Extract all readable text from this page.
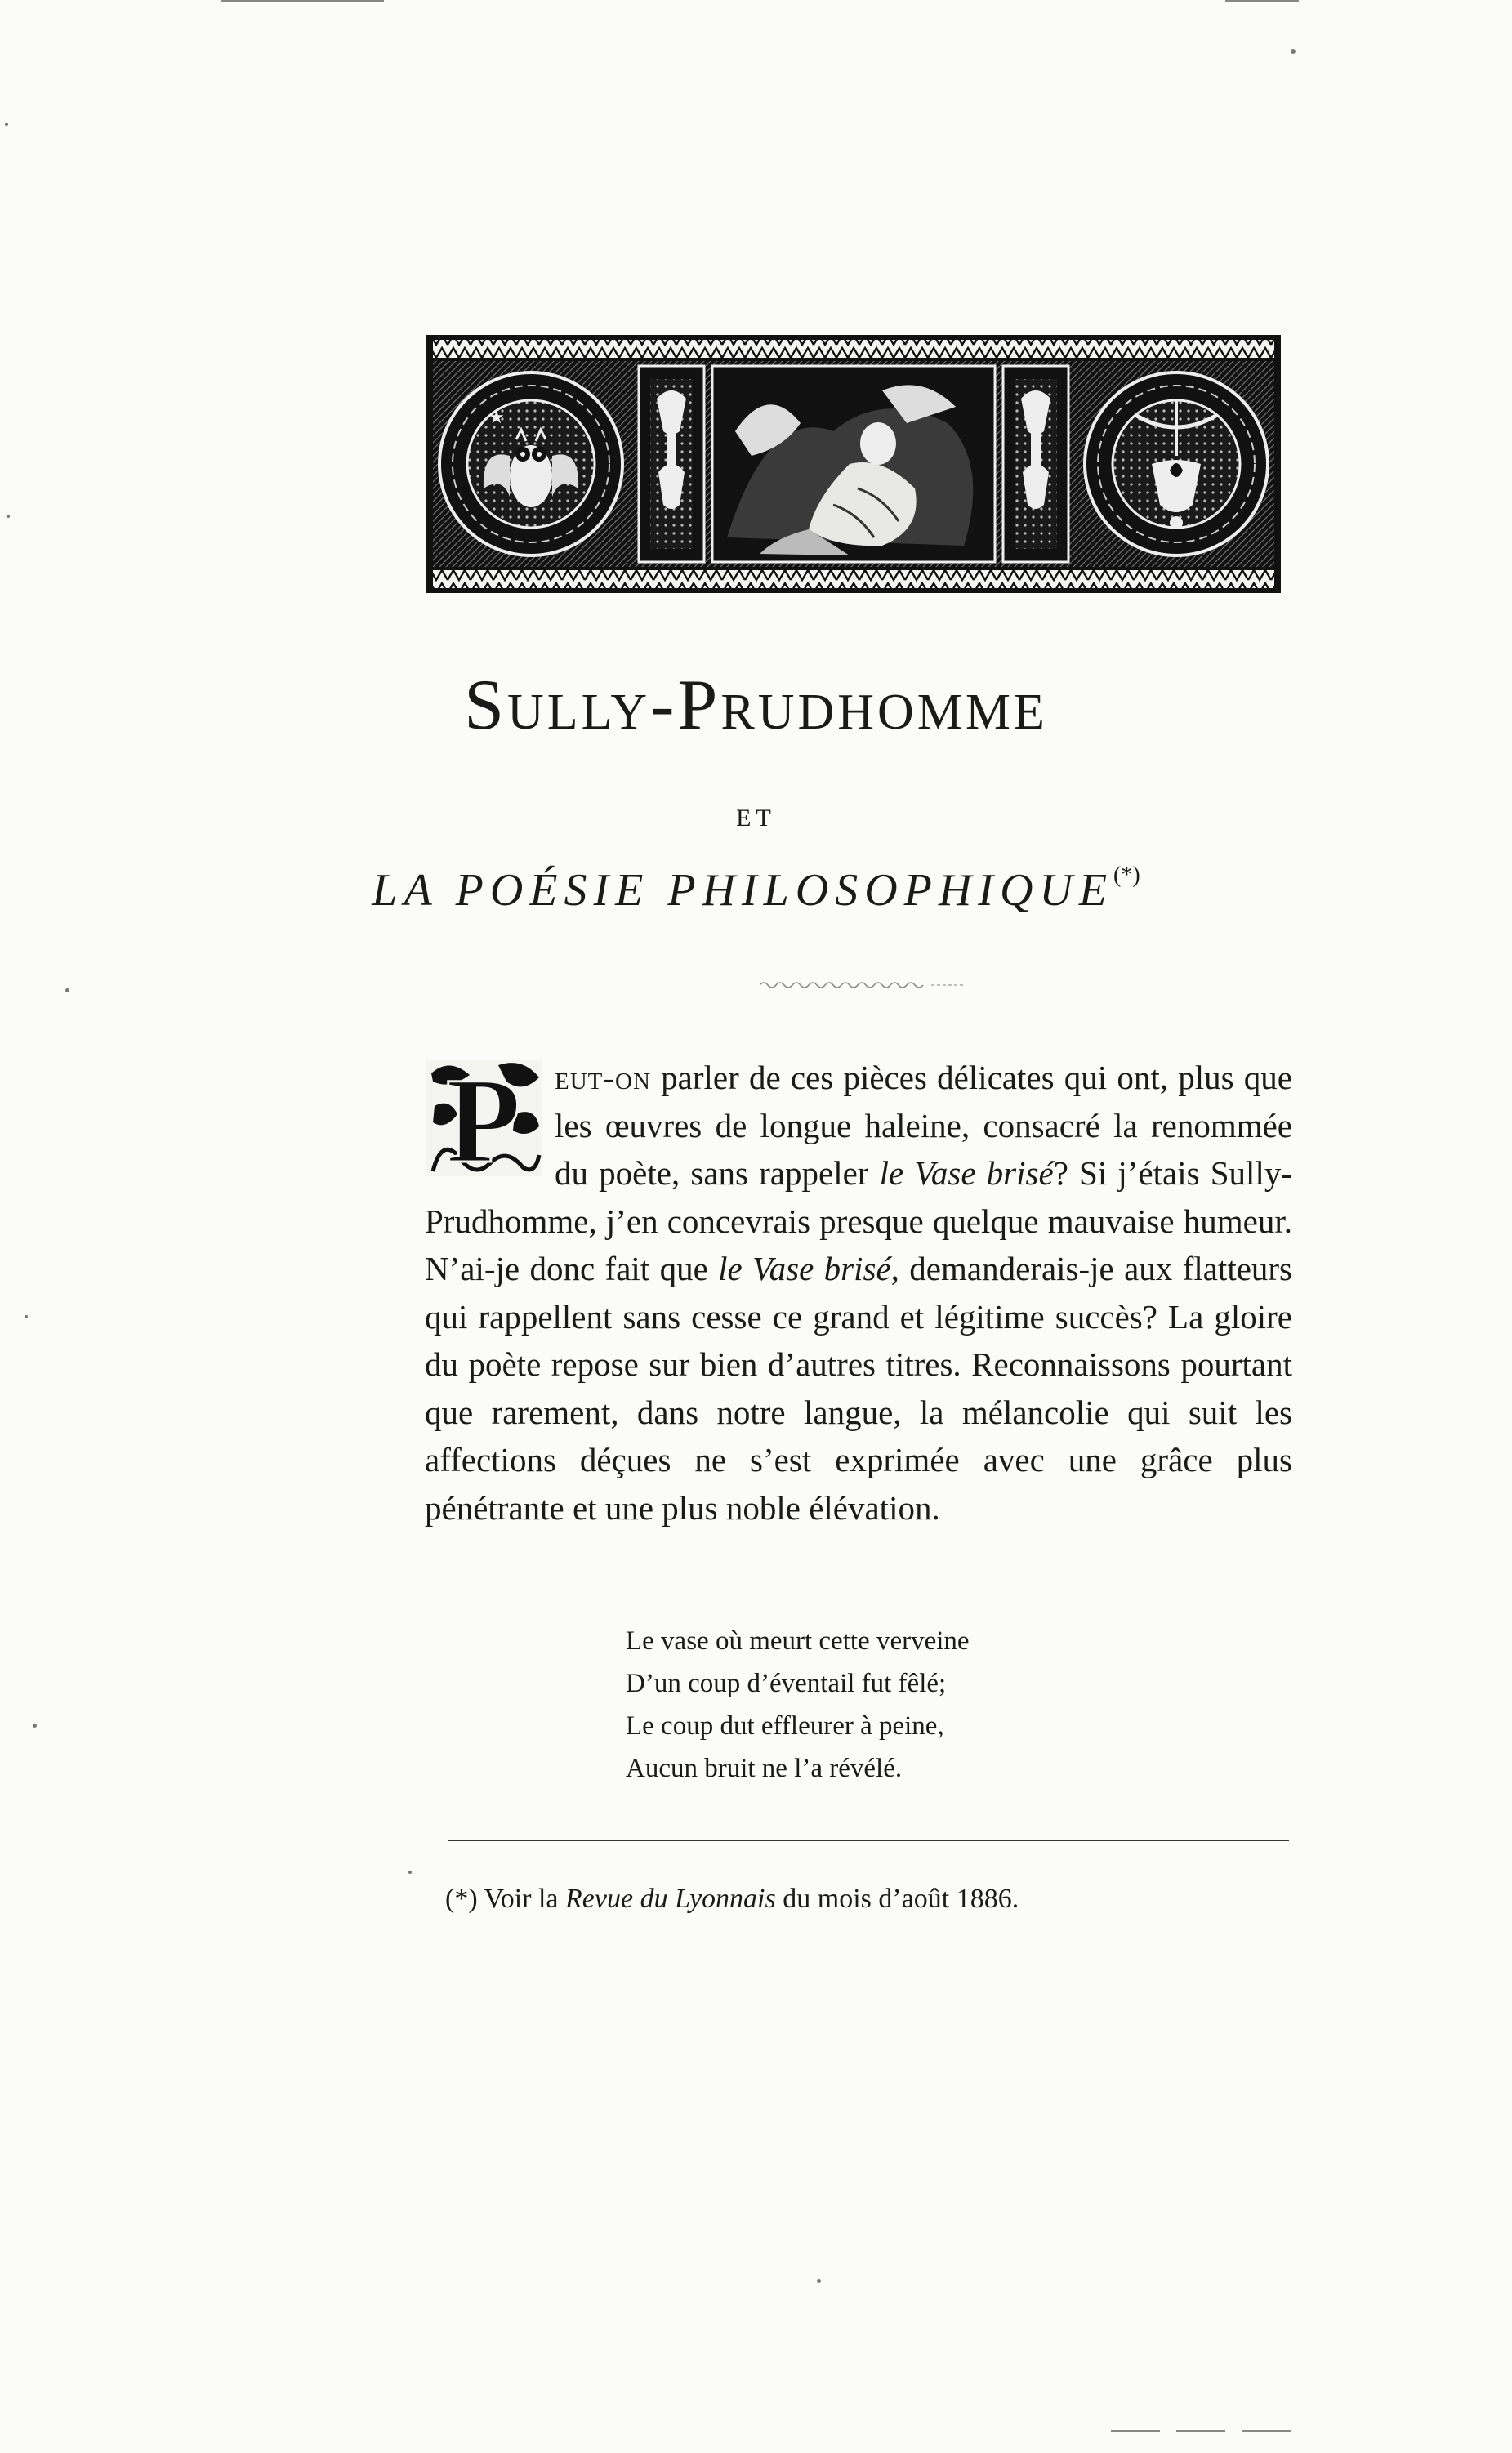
★
Sully-Prudhomme
ET
LA POÉSIE PHILOSOPHIQUE(*)
P eut-on parler de ces pièces délicates qui ont, plus que les œuvres de longue haleine, consacré la renommée du poète, sans rappeler le Vase brisé? Si j’étais Sully-Prudhomme, j’en concevrais presque quelque mauvaise humeur. N’ai-je donc fait que le Vase brisé, demanderais-je aux flatteurs qui rappellent sans cesse ce grand et légitime succès? La gloire du poète repose sur bien d’autres titres. Reconnaissons pourtant que rarement, dans notre langue, la mélancolie qui suit les affections déçues ne s’est exprimée avec une grâce plus pénétrante et une plus noble élévation.
Le vase où meurt cette verveine
D’un coup d’éventail fut fêlé;
Le coup dut effleurer à peine,
Aucun bruit ne l’a révélé.
(*) Voir la Revue du Lyonnais du mois d’août 1886.
